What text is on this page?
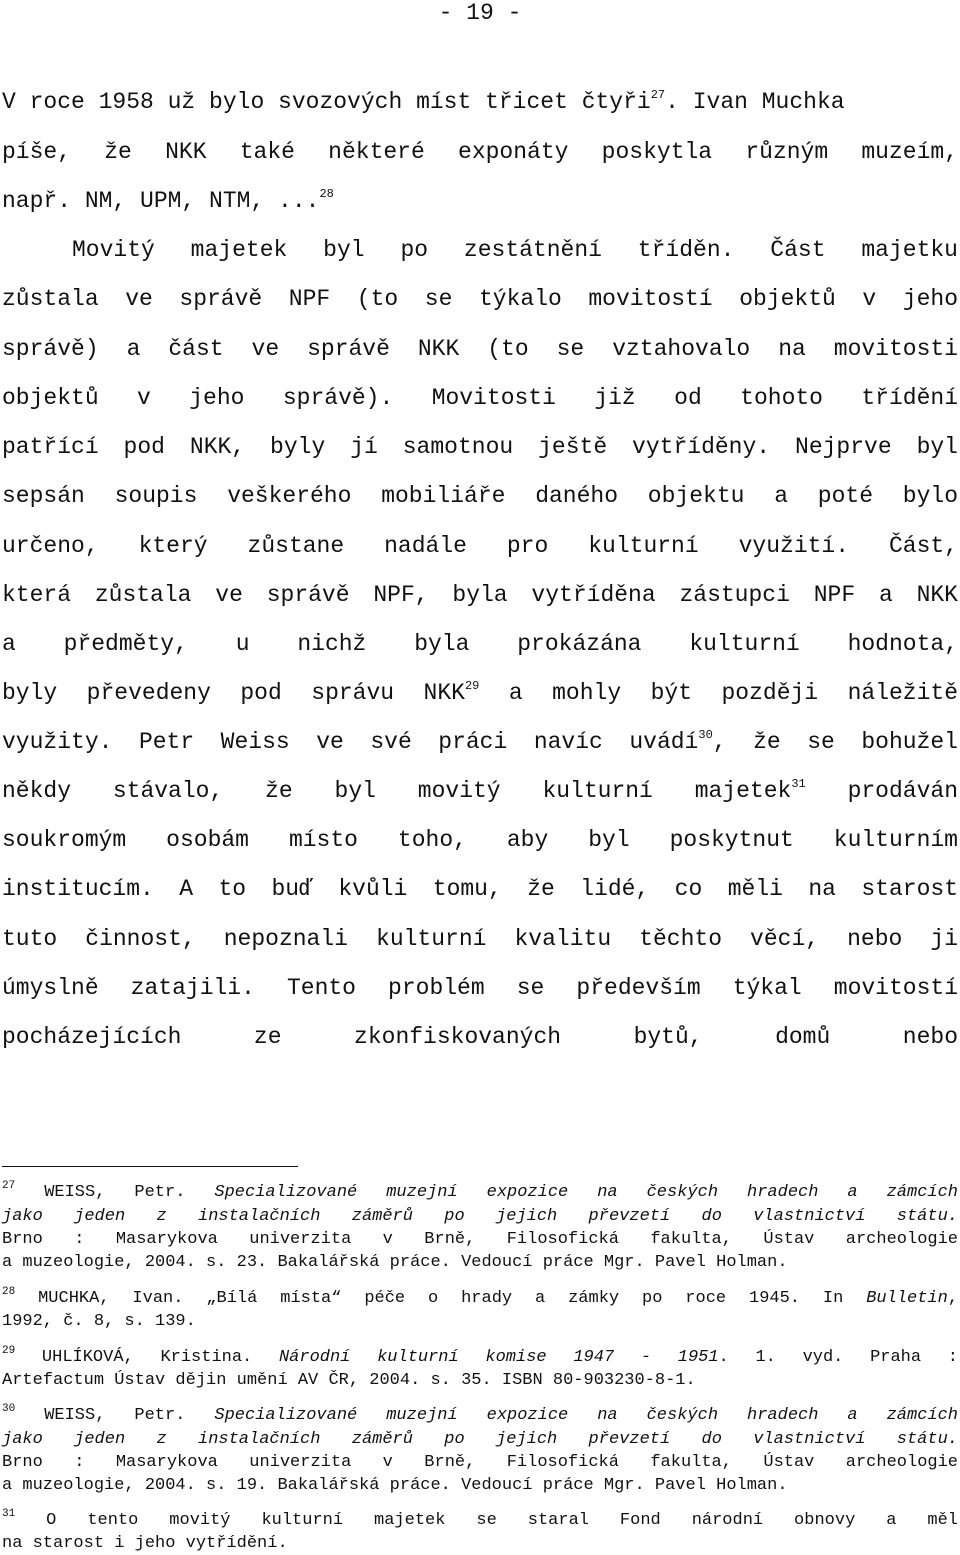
- 19 -
V roce 1958 už bylo svozových míst třicet čtyři$^{27}$. Ivan Muchka
píše, že NKK také některé exponáty poskytla různým muzeím,
např. NM, UPM, NTM, ...$^{28}$
Movitý majetek byl po zestátnění tříděn. Část majetku
zůstala ve správě NPF (to se týkalo movitostí objektů v jeho
správě) a část ve správě NKK (to se vztahovalo na movitosti
objektů v jeho správě). Movitosti již od tohoto třídění
patřící pod NKK, byly jí samotnou ještě vytříděny. Nejprve byl
sepsán soupis veškerého mobiliáře daného objektu a poté bylo
určeno, který zůstane nadále pro kulturní využití. Část,
která zůstala ve správě NPF, byla vytříděna zástupci NPF a NKK
a předměty, u nichž byla prokázána kulturní hodnota,
byly převedeny pod správu NKK$^{29}$ a mohly být později náležitě
využity. Petr Weiss ve své práci navíc uvádí$^{30}$, že se bohužel
někdy stávalo, že byl movitý kulturní majetek$^{31}$ prodáván
soukromým osobám místo toho, aby byl poskytnut kulturním
institucím. A to buď kvůli tomu, že lidé, co měli na starost
tuto činnost, nepoznali kulturní kvalitu těchto věcí, nebo ji
úmyslně zatajili. Tento problém se především týkal movitostí
pocházejících ze zkonfiskovaných bytů, domů nebo
$^{27}$ WEISS, Petr. Specializované muzejní expozice na českých hradech a zámcích
jako jeden z instalačních záměrů po jejich převzetí do vlastnictví státu.
Brno : Masarykova univerzita v Brně, Filosofická fakulta, Ústav archeologie
a muzeologie, 2004. s. 23. Bakalářská práce. Vedoucí práce Mgr. Pavel Holman.
$^{28}$ MUCHKA, Ivan. „Bílá místa“ péče o hrady a zámky po roce 1945. In Bulletin,
1992, č. 8, s. 139.
$^{29}$ UHLÍKOVÁ, Kristina. Národní kulturní komise 1947 - 1951. 1. vyd. Praha :
Artefactum Ústav dějin umění AV ČR, 2004. s. 35. ISBN 80-903230-8-1.
$^{30}$ WEISS, Petr. Specializované muzejní expozice na českých hradech a zámcích
jako jeden z instalačních záměrů po jejich převzetí do vlastnictví státu.
Brno : Masarykova univerzita v Brně, Filosofická fakulta, Ústav archeologie
a muzeologie, 2004. s. 19. Bakalářská práce. Vedoucí práce Mgr. Pavel Holman.
$^{31}$ O tento movitý kulturní majetek se staral Fond národní obnovy a měl
na starost i jeho vytřídění.
